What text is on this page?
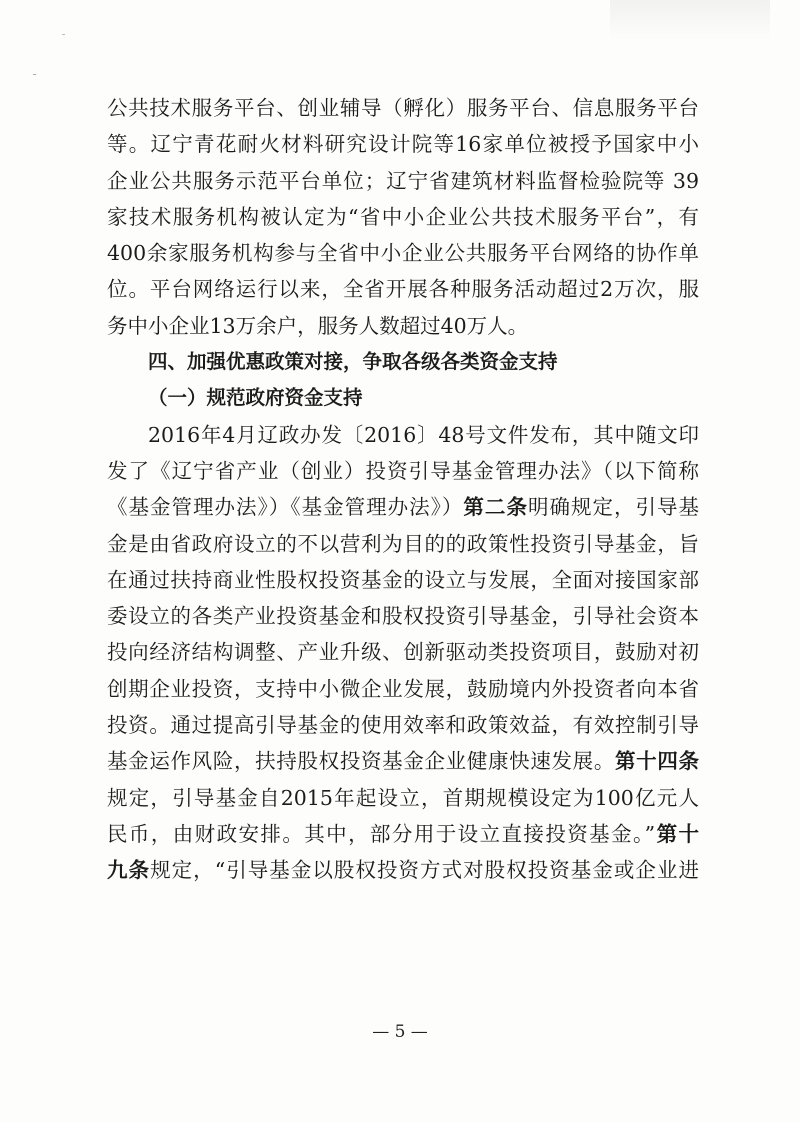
公共技术服务平台、创业辅导（孵化）服务平台、信息服务平台
等。辽宁青花耐火材料研究设计院等16家单位被授予国家中小
企业公共服务示范平台单位；辽宁省建筑材料监督检验院等 39
家技术服务机构被认定为“省中小企业公共技术服务平台”，有
400余家服务机构参与全省中小企业公共服务平台网络的协作单
位。平台网络运行以来，全省开展各种服务活动超过2万次，服
务中小企业13万余户，服务人数超过40万人。
四、加强优惠政策对接，争取各级各类资金支持
（一）规范政府资金支持
2016年4月辽政办发〔2016〕48号文件发布，其中随文印
发了《辽宁省产业（创业）投资引导基金管理办法》（以下简称
《基金管理办法》）《基金管理办法》）第二条明确规定，引导基
金是由省政府设立的不以营利为目的的政策性投资引导基金，旨
在通过扶持商业性股权投资基金的设立与发展，全面对接国家部
委设立的各类产业投资基金和股权投资引导基金，引导社会资本
投向经济结构调整、产业升级、创新驱动类投资项目，鼓励对初
创期企业投资，支持中小微企业发展，鼓励境内外投资者向本省
投资。通过提高引导基金的使用效率和政策效益，有效控制引导
基金运作风险，扶持股权投资基金企业健康快速发展。第十四条
规定，引导基金自2015年起设立，首期规模设定为100亿元人
民币，由财政安排。其中，部分用于设立直接投资基金。”第十
九条规定，“引导基金以股权投资方式对股权投资基金或企业进
— 5 —
